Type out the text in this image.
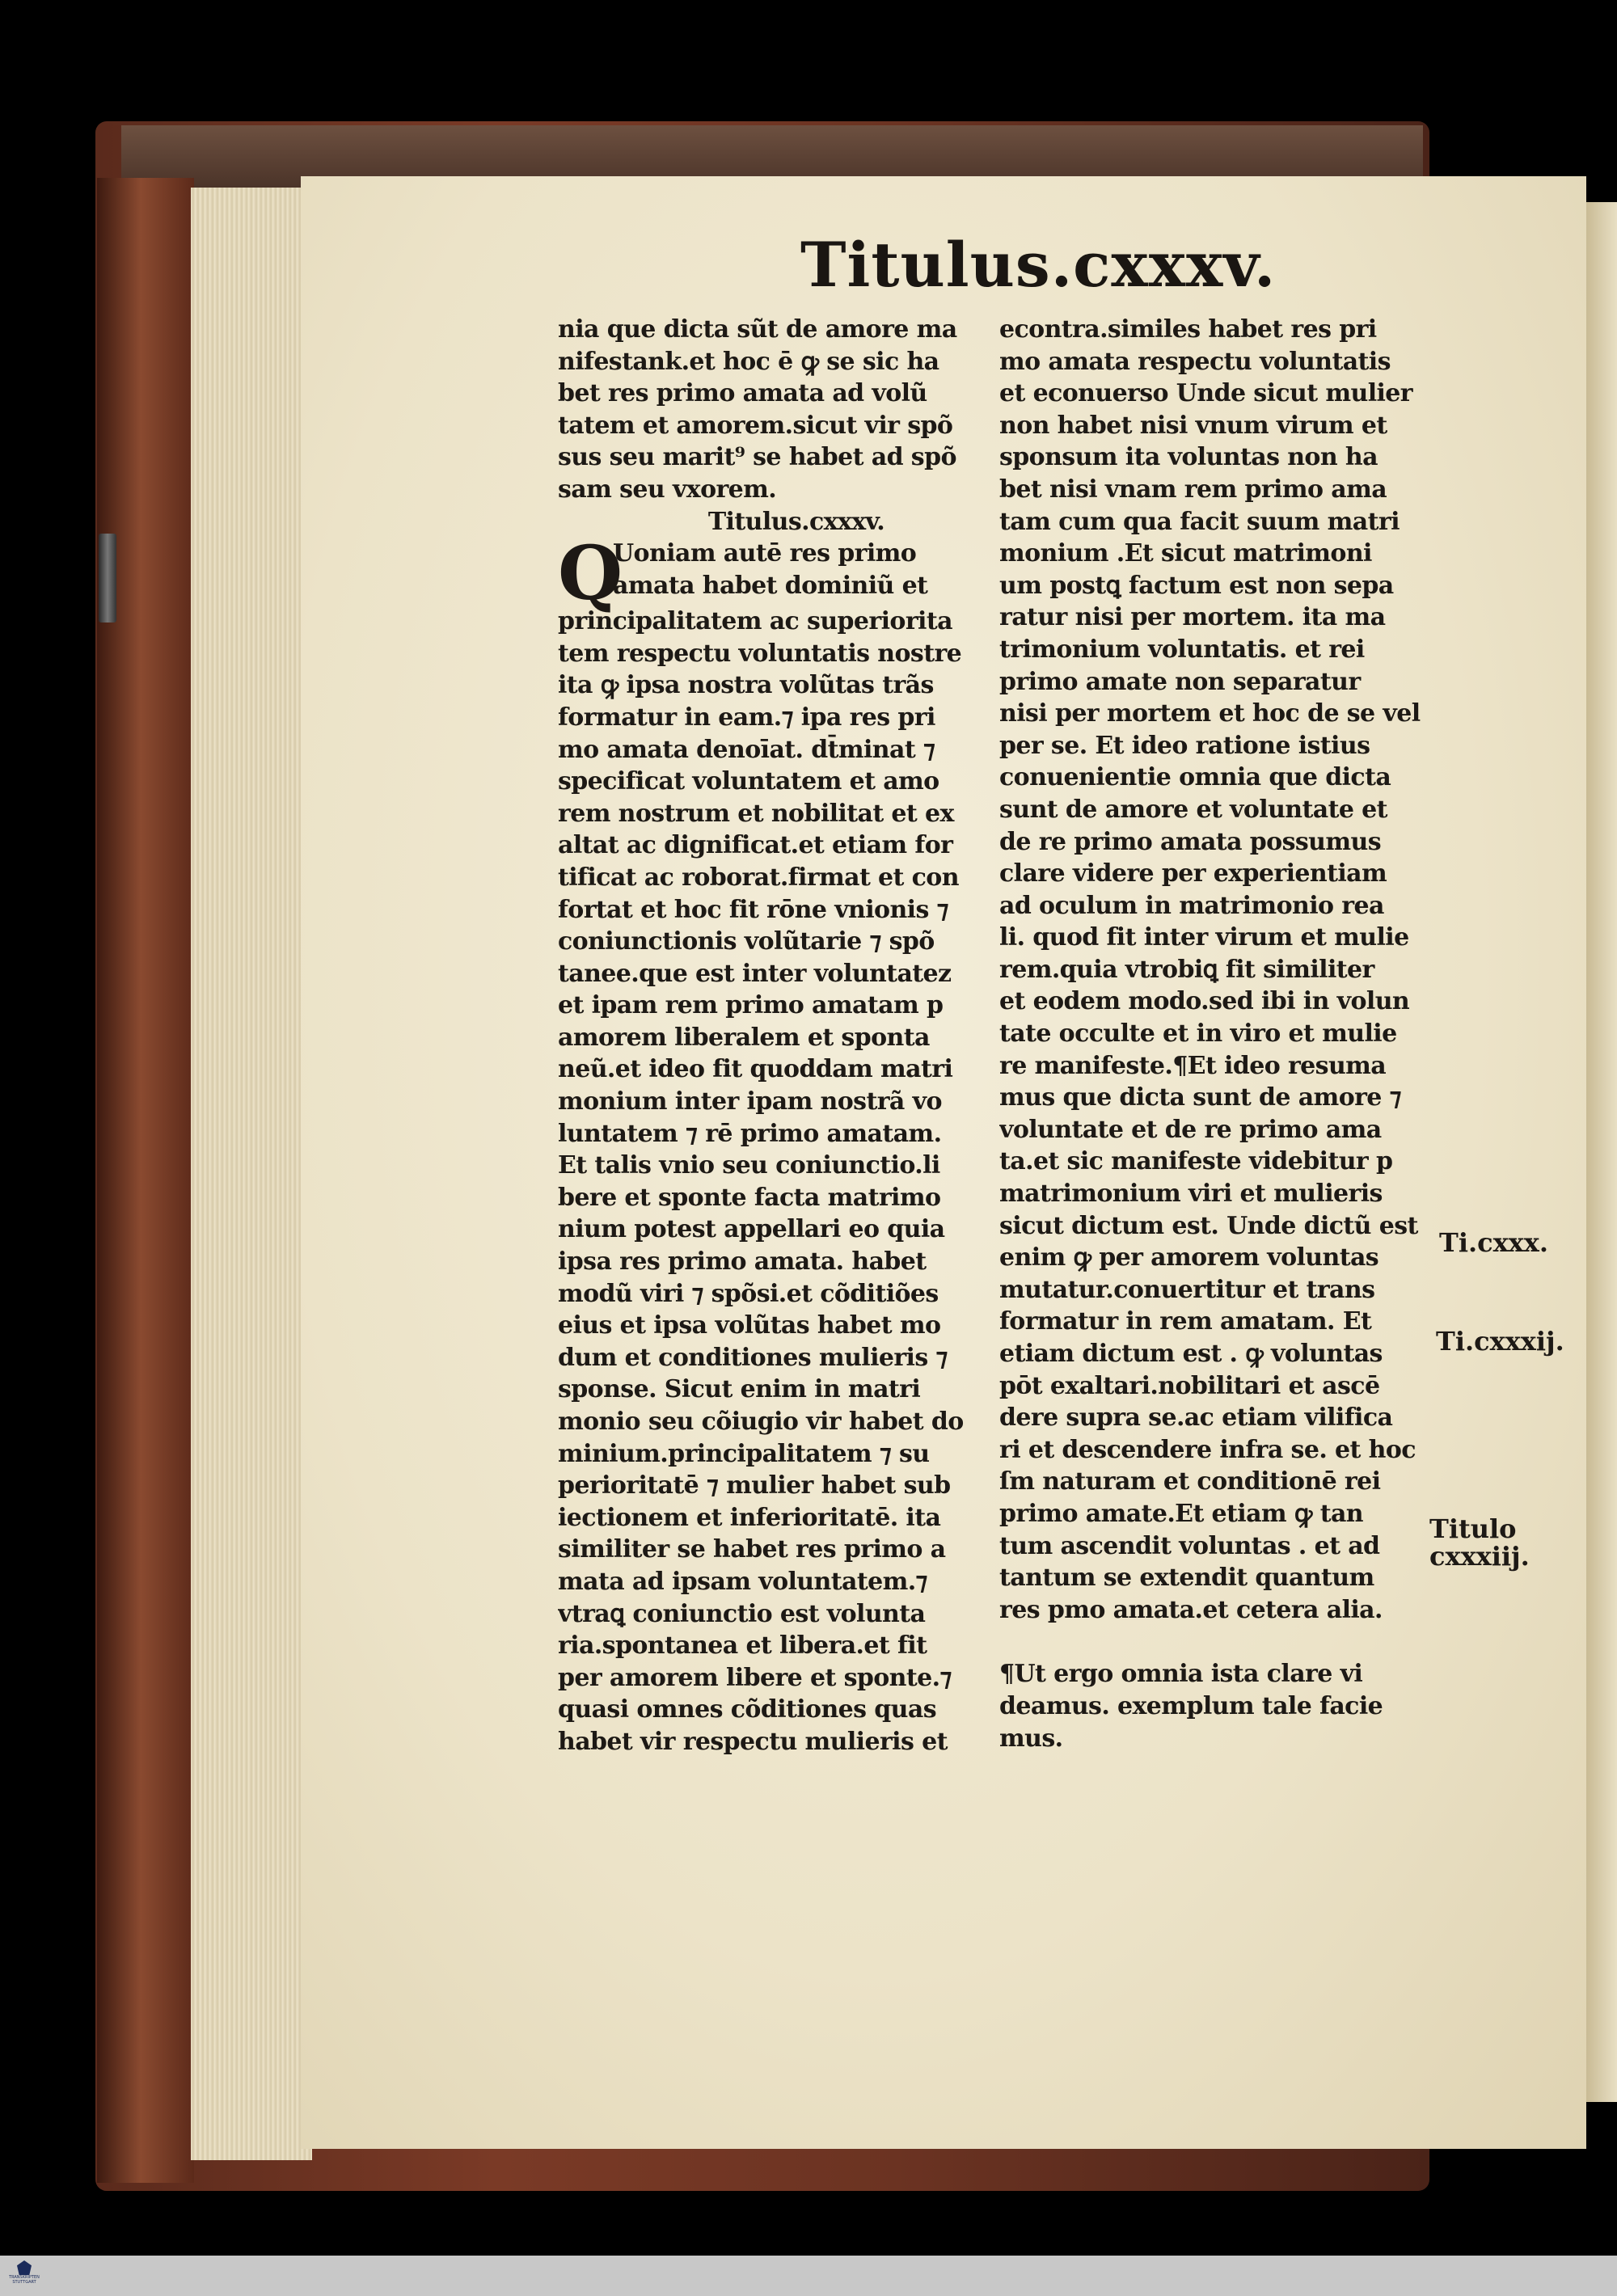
Titulus.cxxxv.
nia que dicta sũt de amore ma
nifestank.et hoc ē ꝙ se sic ha
bet res primo amata ad volũ
tatem et amorem.sicut vir spõ
sus seu marit⁹ se habet ad spõ
sam seu vxorem.
Titulus.cxxxv.
Q
Uoniam autē res primo
amata habet dominiũ et
principalitatem ac superiorita
tem respectu voluntatis nostre
ita ꝙ ipsa nostra volũtas trãs
formatur in eam.⁊ ipa res pri
mo amata denoīat. dt̄minat ⁊
specificat voluntatem et amo
rem nostrum et nobilitat et ex
altat ac dignificat.et etiam for
tificat ac roborat.firmat et con
fortat et hoc fit rōne vnionis ⁊
coniunctionis volũtarie ⁊ spõ
tanee.que est inter voluntatez
et ipam rem primo amatam p
amorem liberalem et sponta
neũ.et ideo fit quoddam matri
monium inter ipam nostrã vo
luntatem ⁊ rē primo amatam.
Et talis vnio seu coniunctio.li
bere et sponte facta matrimo
nium potest appellari eo quia
ipsa res primo amata. habet
modũ viri ⁊ spõsi.et cõditiões
eius et ipsa volũtas habet mo
dum et conditiones mulieris ⁊
sponse. Sicut enim in matri
monio seu cõiugio vir habet do
minium.principalitatem ⁊ su
perioritatē ⁊ mulier habet sub
iectionem et inferioritatē. ita
similiter se habet res primo a
mata ad ipsam voluntatem.⁊
vtraꝗ coniunctio est volunta
ria.spontanea et libera.et fit
per amorem libere et sponte.⁊
quasi omnes cõditiones quas
habet vir respectu mulieris et
econtra.similes habet res pri
mo amata respectu voluntatis
et econuerso Unde sicut mulier
non habet nisi vnum virum et
sponsum ita voluntas non ha
bet nisi vnam rem primo ama
tam cum qua facit suum matri
monium .Et sicut matrimoni
um postꝗ factum est non sepa
ratur nisi per mortem. ita ma
trimonium voluntatis. et rei
primo amate non separatur
nisi per mortem et hoc de se vel
per se. Et ideo ratione istius
conuenientie omnia que dicta
sunt de amore et voluntate et
de re primo amata possumus
clare videre per experientiam
ad oculum in matrimonio rea
li. quod fit inter virum et mulie
rem.quia vtrobiꝗ fit similiter
et eodem modo.sed ibi in volun
tate occulte et in viro et mulie
re manifeste.¶Et ideo resuma
mus que dicta sunt de amore ⁊
voluntate et de re primo ama
ta.et sic manifeste videbitur p
matrimonium viri et mulieris
sicut dictum est. Unde dictũ est
enim ꝙ per amorem voluntas
mutatur.conuertitur et trans
formatur in rem amatam. Et
etiam dictum est . ꝙ voluntas
pōt exaltari.nobilitari et ascē
dere supra se.ac etiam vilifica
ri et descendere infra se. et hoc
ſm naturam et conditionē rei
primo amate.Et etiam ꝙ tan
tum ascendit voluntas . et ad
tantum se extendit quantum
res pmo amata.et cetera alia.
¶Ut ergo omnia ista clare vi
deamus. exemplum tale facie
mus.
Ti.cxxx.
Ti.cxxxij.
Titulo
cxxxiij.
TRANSKRIPTEN STUTTGART
